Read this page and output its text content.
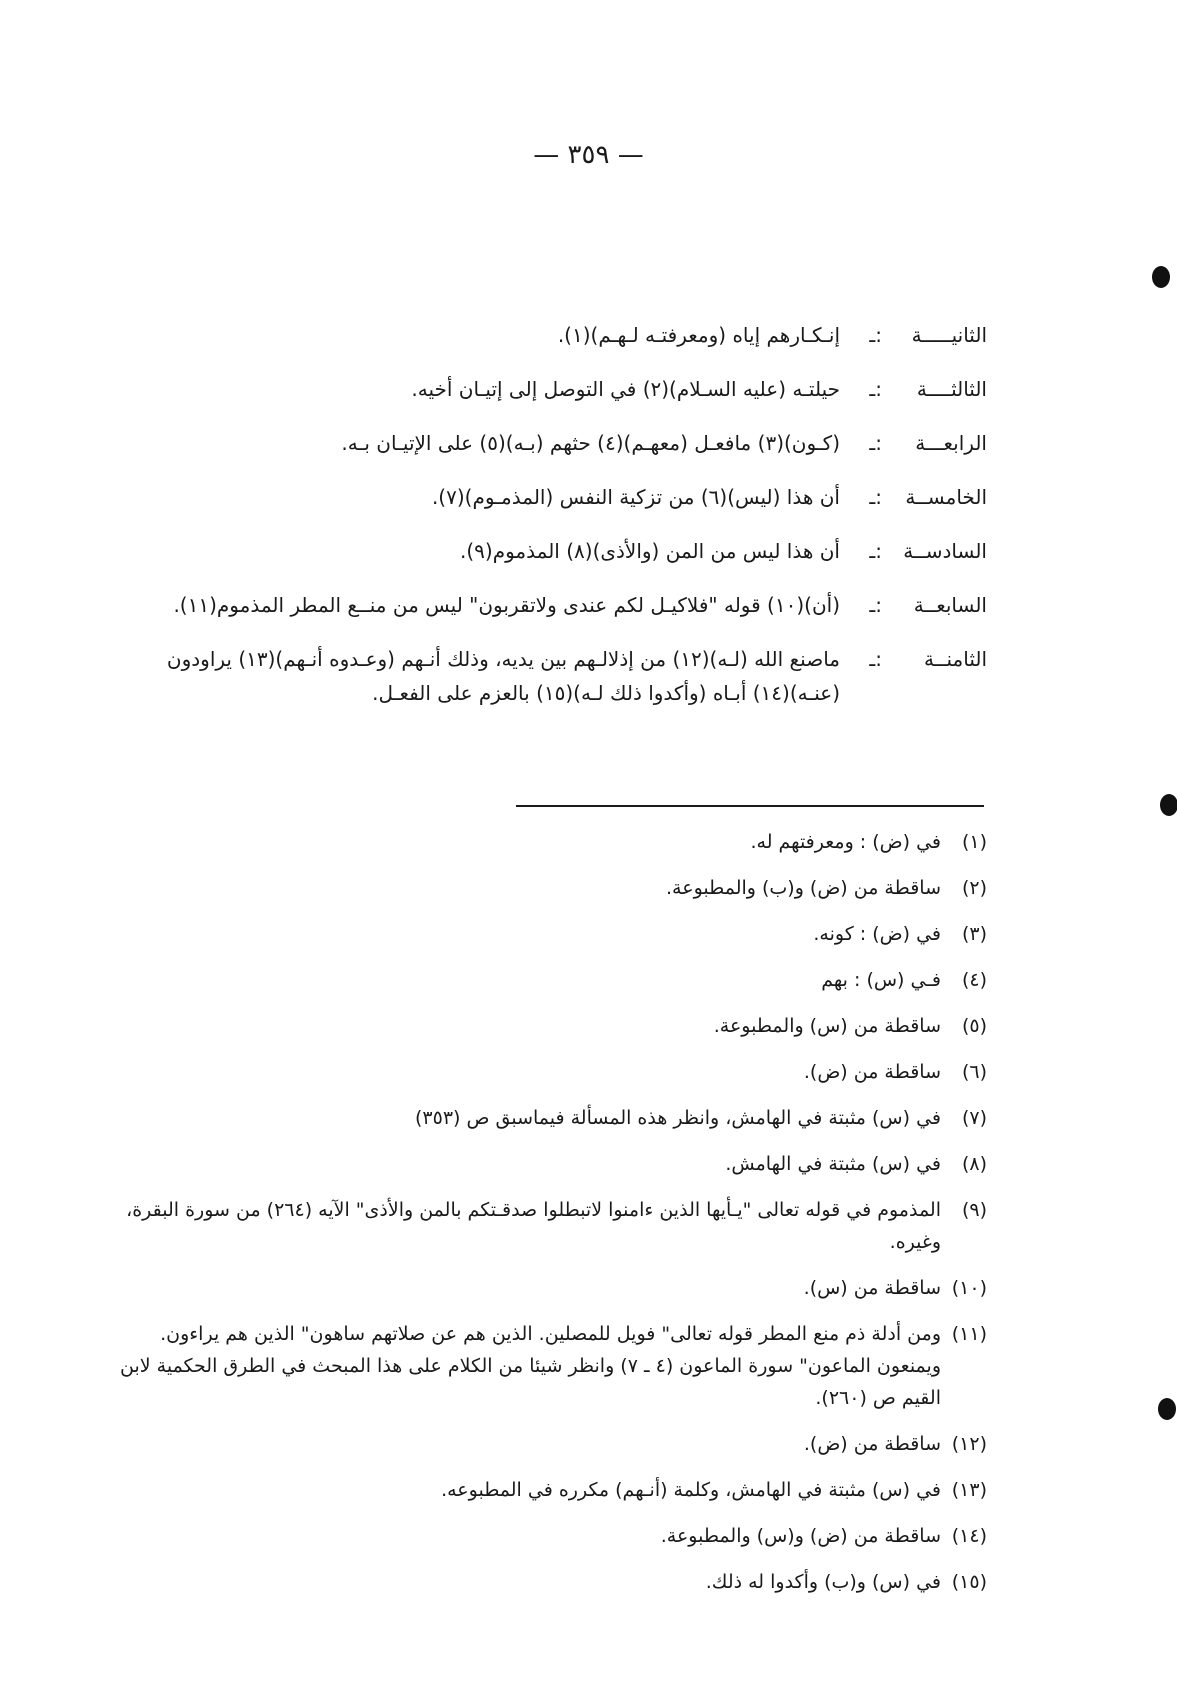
— ٣٥٩ —
الثانيـــــة
:ـ
إنـكـارهم إياه (ومعرفتـه لـهـم)(١).
الثالثــــة
:ـ
حيلتـه (عليه السـلام)(٢) في التوصل إلى إتيـان أخيه.
الرابعـــة
:ـ
(كـون)(٣) مافعـل (معهـم)(٤) حثهم (بـه)(٥) على الإتيـان بـه.
الخامســة
:ـ
أن هذا (ليس)(٦) من تزكية النفس (المذمـوم)(٧).
السادســة
:ـ
أن هذا ليس من المن (والأذى)(٨) المذموم(٩).
السابعــة
:ـ
(أن)(١٠) قوله "فلاكيـل لكم عندى ولاتقربون" ليس من منــع المطر المذموم(١١).
الثامنــة
:ـ
ماصنع الله (لـه)(١٢) من إذلالـهم بين يديه، وذلك أنـهم (وعـدوه أنـهم)(١٣) يراودون (عنـه)(١٤) أبـاه (وأكدوا ذلك لـه)(١٥) بالعزم على الفعـل.
(١)
في (ض) : ومعرفتهم له.
(٢)
ساقطة من (ض) و(ب) والمطبوعة.
(٣)
في (ض) : كونه.
(٤)
فـي (س) : بهم
(٥)
ساقطة من (س) والمطبوعة.
(٦)
ساقطة من (ض).
(٧)
في (س) مثبتة في الهامش، وانظر هذه المسألة فيماسبق ص (٣٥٣)
(٨)
في (س) مثبتة في الهامش.
(٩)
المذموم في قوله تعالى "يـأيها الذين ءامنوا لاتبطلوا صدقـتكم بالمن والأذى" الآيه (٢٦٤) من سورة البقرة، وغيره.
(١٠)
ساقطة من (س).
(١١)
ومن أدلة ذم منع المطر قوله تعالى" فويل للمصلين. الذين هم عن صلاتهم ساهون" الذين هم يراءون. ويمنعون الماعون" سورة الماعون (٤ ـ ٧) وانظر شيئا من الكلام على هذا المبحث في الطرق الحكمية لابن القيم ص (٢٦٠).
(١٢)
ساقطة من (ض).
(١٣)
في (س) مثبتة في الهامش، وكلمة (أنـهم) مكرره في المطبوعه.
(١٤)
ساقطة من (ض) و(س) والمطبوعة.
(١٥)
في (س) و(ب) وأكدوا له ذلك.
